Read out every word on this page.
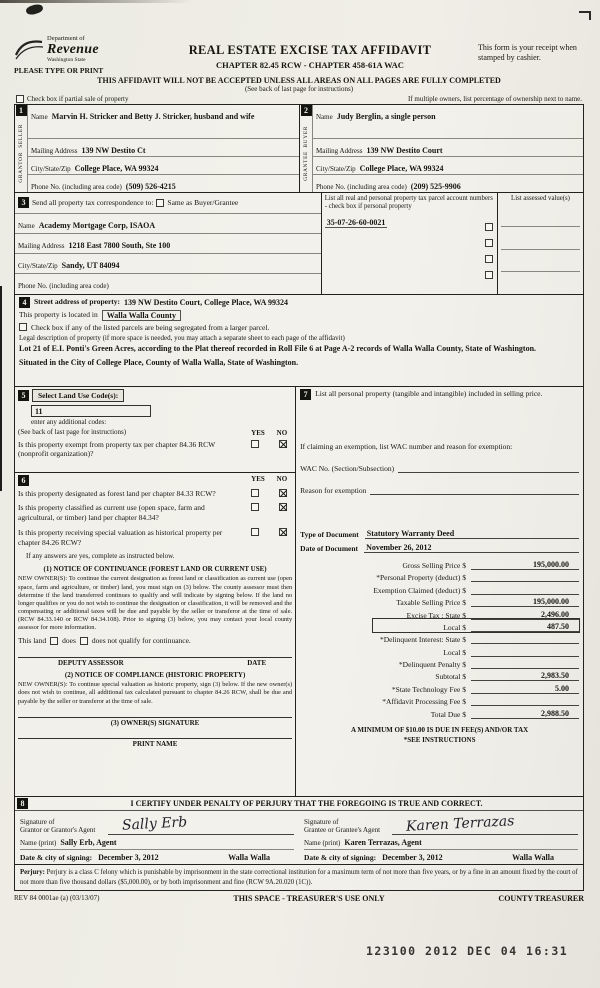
Department of
Revenue
Washington State
PLEASE TYPE OR PRINT
REAL ESTATE EXCISE TAX AFFIDAVIT
CHAPTER 82.45 RCW - CHAPTER 458-61A WAC
This form is your receipt when stamped by cashier.
THIS AFFIDAVIT WILL NOT BE ACCEPTED UNLESS ALL AREAS ON ALL PAGES ARE FULLY COMPLETED
(See back of last page for instructions)
Check box if partial sale of property	If multiple owners, list percentage of ownership next to name.
1
SELLER
GRANTOR
Name Marvin H. Stricker and Betty J. Stricker, husband and wife
Mailing Address 139 NW Destito Ct
City/State/Zip College Place, WA 99324
Phone No. (including area code) (509) 526-4215
2
BUYER
GRANTEE
Name Judy Berglin, a single person
Mailing Address 139 NW Destito Court
City/State/Zip College Place, WA 99324
Phone No. (including area code) (209) 525-9906
3 Send all property tax correspondence to: Same as Buyer/Grantee
Name Academy Mortgage Corp, ISAOA
Mailing Address 1218 East 7800 South, Ste 100
City/State/Zip Sandy, UT 84094
Phone No. (including area code)
List all real and personal property tax parcel account numbers - check box if personal property
35-07-26-60-0021
List assessed value(s)
4	Street address of property: 139 NW Destito Court, College Place, WA 99324
This property is located in	Walla Walla County
Check box if any of the listed parcels are being segregated from a larger parcel.
Legal description of property (if more space is needed, you may attach a separate sheet to each page of the affidavit)
Lot 21 of E.I. Ponti's Green Acres, according to the Plat thereof recorded in Roll File 6 at Page A-2 records of Walla Walla County, State of Washington.
Situated in the City of College Place, County of Walla Walla, State of Washington.
5	Select Land Use Code(s):
11
enter any additional codes:
(See back of last page for instructions)	YES NO
Is this property exempt from property tax per chapter 84.36 RCW (nonprofit organization)?
6	YES NO
Is this property designated as forest land per chapter 84.33 RCW?
Is this property classified as current use (open space, farm and agricultural, or timber) land per chapter 84.34?
Is this property receiving special valuation as historical property per chapter 84.26 RCW?
If any answers are yes, complete as instructed below.
(1) NOTICE OF CONTINUANCE (FOREST LAND OR CURRENT USE)
NEW OWNER(S): To continue the current designation as forest land or classification as current use (open space, farm and agriculture, or timber) land, you must sign on (3) below. The county assessor must then determine if the land transferred continues to qualify and will indicate by signing below. If the land no longer qualifies or you do not wish to continue the designation or classification, it will be removed and the compensating or additional taxes will be due and payable by the seller or transferor at the time of sale. (RCW 84.33.140 or RCW 84.34.108). Prior to signing (3) below, you may contact your local county assessor for more information.
This land does does not qualify for continuance.
DEPUTY ASSESSOR	DATE
(2) NOTICE OF COMPLIANCE (HISTORIC PROPERTY)
NEW OWNER(S): To continue special valuation as historic property, sign (3) below. If the new owner(s) does not wish to continue, all additional tax calculated pursuant to chapter 84.26 RCW, shall be due and payable by the seller or transferor at the time of sale.
(3) OWNER(S) SIGNATURE
PRINT NAME
7	List all personal property (tangible and intangible) included in selling price.
If claiming an exemption, list WAC number and reason for exemption:
WAC No. (Section/Subsection)
Reason for exemption
Type of Document Statutory Warranty Deed
Date of Document November 26, 2012
Gross Selling Price $	195,000.00
*Personal Property (deduct) $
Exemption Claimed (deduct) $
Taxable Selling Price $	195,000.00
Excise Tax : State $	2,496.00
Local $	487.50
*Delinquent Interest: State $
Local $
*Delinquent Penalty $
Subtotal $	2,983.50
*State Technology Fee $	5.00
*Affidavit Processing Fee $
Total Due $	2,988.50
A MINIMUM OF $10.00 IS DUE IN FEE(S) AND/OR TAX
*SEE INSTRUCTIONS
8	I CERTIFY UNDER PENALTY OF PERJURY THAT THE FOREGOING IS TRUE AND CORRECT.
Signature of
Grantor or Grantor's Agent	Sally Erb
Name (print) Sally Erb, Agent
Date & city of signing: December 3, 2012	Walla Walla
Signature of
Grantee or Grantee's Agent	Karen Terrazas
Name (print) Karen Terrazas, Agent
Date & city of signing: December 3, 2012	Walla Walla
Perjury: Perjury is a class C felony which is punishable by imprisonment in the state correctional institution for a maximum term of not more than five years, or by a fine in an amount fixed by the court of not more than five thousand dollars ($5,000.00), or by both imprisonment and fine (RCW 9A.20.020 (1C)).
REV 84 0001ae (a) (03/13/07)	THIS SPACE - TREASURER'S USE ONLY	COUNTY TREASURER
123100 2012 DEC 04 16:31
